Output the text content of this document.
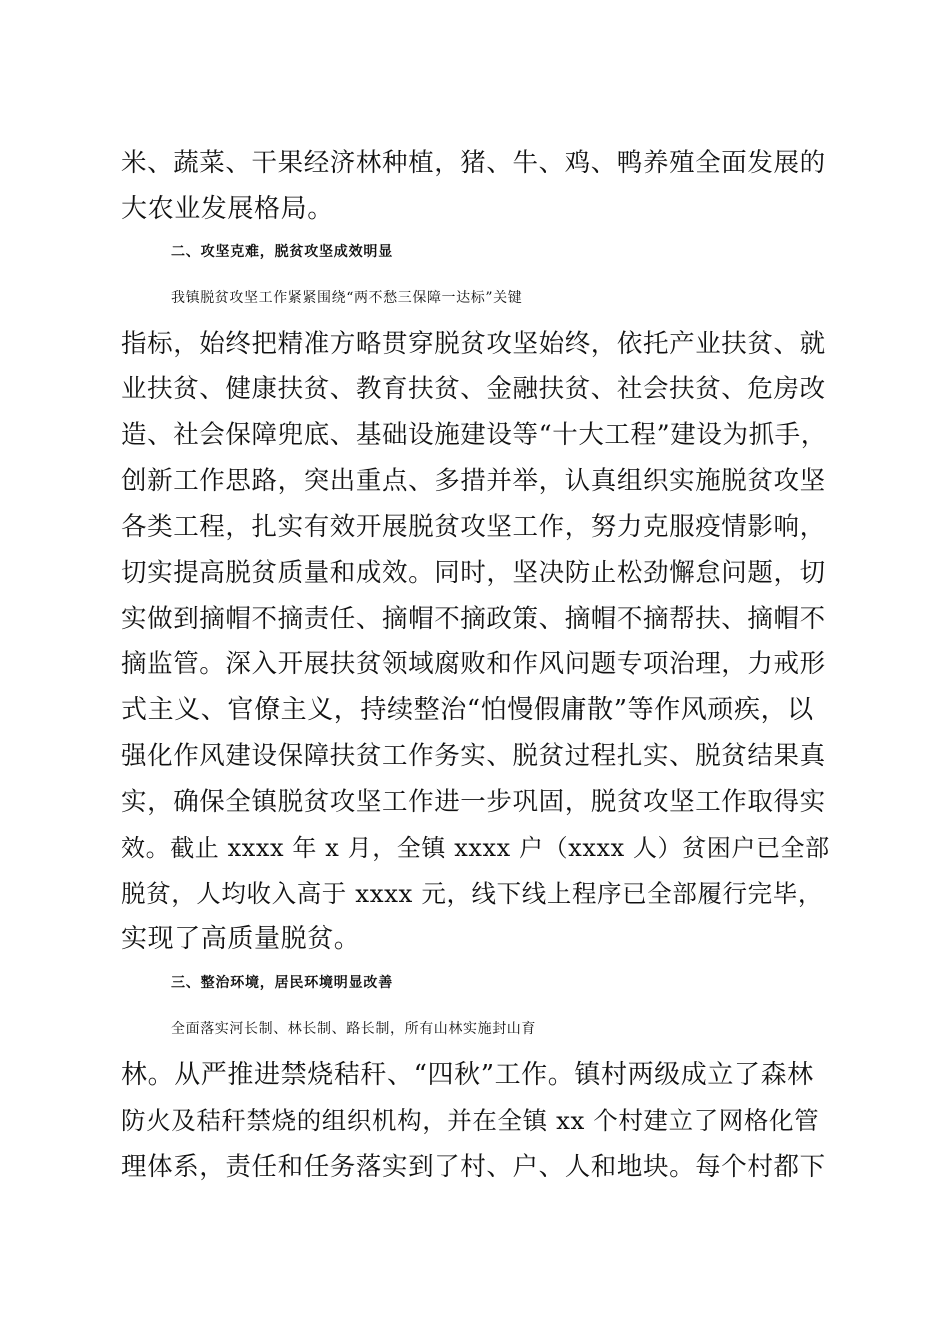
米、蔬菜、干果经济林种植，猪、牛、鸡、鸭养殖全面发展的
大农业发展格局。
二、攻坚克难，脱贫攻坚成效明显
我镇脱贫攻坚工作紧紧围绕“两不愁三保障一达标”关键
指标，始终把精准方略贯穿脱贫攻坚始终，依托产业扶贫、就
业扶贫、健康扶贫、教育扶贫、金融扶贫、社会扶贫、危房改
造、社会保障兜底、基础设施建设等“十大工程”建设为抓手，
创新工作思路，突出重点、多措并举，认真组织实施脱贫攻坚
各类工程，扎实有效开展脱贫攻坚工作，努力克服疫情影响，
切实提高脱贫质量和成效。同时，坚决防止松劲懈怠问题，切
实做到摘帽不摘责任、摘帽不摘政策、摘帽不摘帮扶、摘帽不
摘监管。深入开展扶贫领域腐败和作风问题专项治理，力戒形
式主义、官僚主义，持续整治“怕慢假庸散”等作风顽疾，以
强化作风建设保障扶贫工作务实、脱贫过程扎实、脱贫结果真
实，确保全镇脱贫攻坚工作进一步巩固，脱贫攻坚工作取得实
效。截止 xxxx 年 x 月，全镇 xxxx 户（xxxx 人）贫困户已全部
脱贫，人均收入高于 xxxx 元，线下线上程序已全部履行完毕，
实现了高质量脱贫。
三、整治环境，居民环境明显改善
全面落实河长制、林长制、路长制，所有山林实施封山育
林。从严推进禁烧秸秆、“四秋”工作。镇村两级成立了森林
防火及秸秆禁烧的组织机构，并在全镇 xx 个村建立了网格化管
理体系，责任和任务落实到了村、户、人和地块。每个村都下
